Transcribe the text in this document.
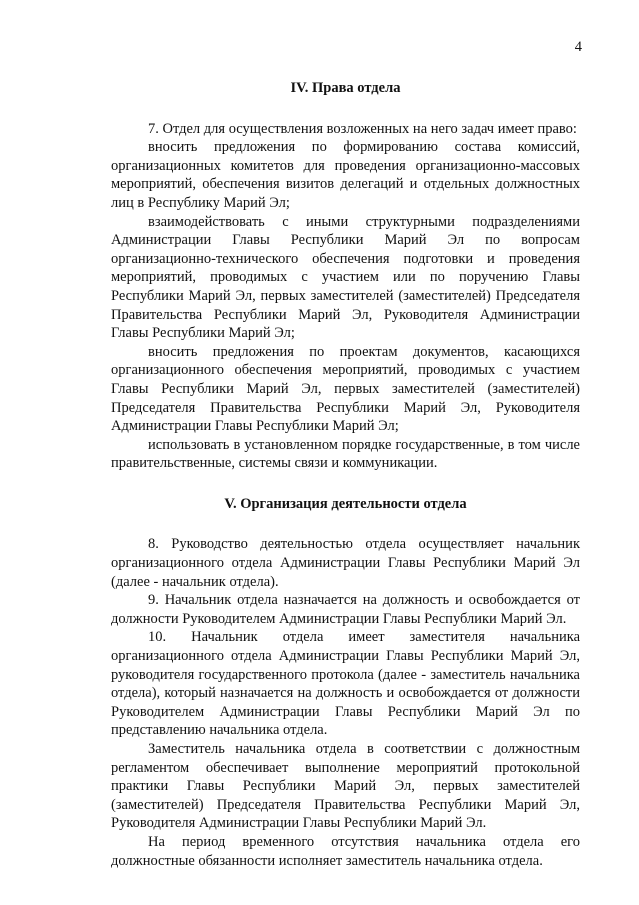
4

IV. Права отдела

7. Отдел для осуществления возложенных на него задач имеет право:

вносить предложения по формированию состава комиссий, организационных комитетов для проведения организационно-массовых мероприятий, обеспечения визитов делегаций и отдельных должностных лиц в Республику Марий Эл;

взаимодействовать с иными структурными подразделениями Администрации Главы Республики Марий Эл по вопросам организационно-технического обеспечения подготовки и проведения мероприятий, проводимых с участием или по поручению Главы Республики Марий Эл, первых заместителей (заместителей) Председателя Правительства Республики Марий Эл, Руководителя Администрации Главы Республики Марий Эл;

вносить предложения по проектам документов, касающихся организационного обеспечения мероприятий, проводимых с участием Главы Республики Марий Эл, первых заместителей (заместителей) Председателя Правительства Республики Марий Эл, Руководителя Администрации Главы Республики Марий Эл;

использовать в установленном порядке государственные, в том числе правительственные, системы связи и коммуникации.

V. Организация деятельности отдела

8. Руководство деятельностью отдела осуществляет начальник организационного отдела Администрации Главы Республики Марий Эл (далее - начальник отдела).

9. Начальник отдела назначается на должность и освобождается от должности Руководителем Администрации Главы Республики Марий Эл.

10. Начальник отдела имеет заместителя начальника организационного отдела Администрации Главы Республики Марий Эл, руководителя государственного протокола (далее - заместитель начальника отдела), который назначается на должность и освобождается от должности Руководителем Администрации Главы Республики Марий Эл по представлению начальника отдела.

Заместитель начальника отдела в соответствии с должностным регламентом обеспечивает выполнение мероприятий протокольной практики Главы Республики Марий Эл, первых заместителей (заместителей) Председателя Правительства Республики Марий Эл, Руководителя Администрации Главы Республики Марий Эл.

На период временного отсутствия начальника отдела его должностные обязанности исполняет заместитель начальника отдела.
